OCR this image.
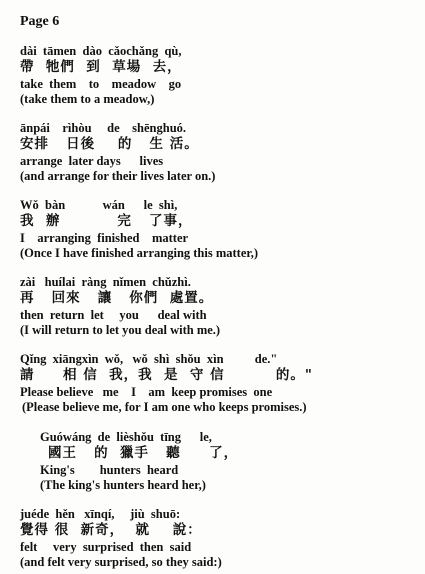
Page 6
dài  tāmen  dào  cǎochǎng  qù,
帶  牠們  到  草場  去，
take  them    to    meadow    go
(take them to a meadow,)
ānpái    rìhòu     de    shēnghuó.
安排   日後    的   生 活。
arrange  later days      lives
(and arrange for their lives later on.)
Wǒ  bàn            wán      le  shì,
我  辦          完   了事，
I    arranging  finished    matter
(Once I have finished arranging this matter,)
zài   huílai  ràng  nǐmen  chǔzhì.
再   回來   讓   你們  處置。
then  return  let     you      deal with
(I will return to let you deal with me.)
Qǐng  xiāngxìn  wǒ,   wǒ  shì  shǒu  xìn          de."
請     相 信  我，我  是  守 信         的。"
Please believe   me    I    am  keep promises  one
(Please believe me, for I am one who keeps promises.)
Guówáng  de  lièshǒu  tīng      le,
國王   的  獵手   聽     了，
King's        hunters  heard
(The king's hunters heard her,)
juéde  hěn   xīnqí,     jiù  shuō:
覺得 很  新奇，  就    說：
felt     very  surprised  then  said
(and felt very surprised, so they said:)
